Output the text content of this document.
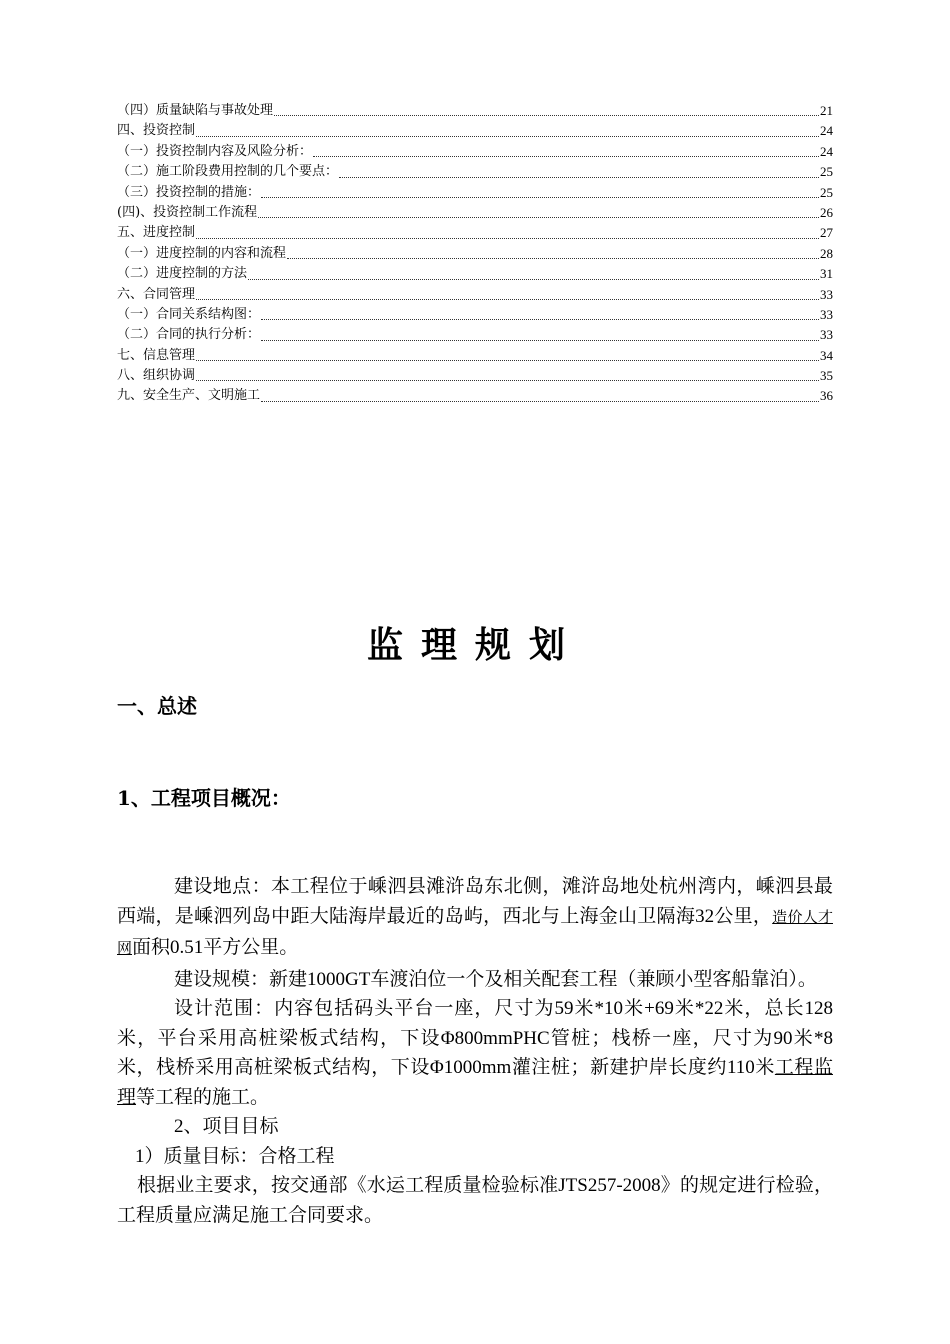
（四）质量缺陷与事故处理	21
四、投资控制	24
（一）投资控制内容及风险分析：	24
（二）施工阶段费用控制的几个要点：	25
（三）投资控制的措施：	25
(四)、投资控制工作流程	26
五、进度控制	27
（一）进度控制的内容和流程	28
（二）进度控制的方法	31
六、合同管理	33
（一）合同关系结构图：	33
（二）合同的执行分析：	33
七、信息管理	34
八、组织协调	35
九、安全生产、文明施工	36
监理规划
一、总述
1、工程项目概况：

建设地点：本工程位于嵊泗县滩浒岛东北侧，滩浒岛地处杭州湾内，嵊泗县最西端，是嵊泗列岛中距大陆海岸最近的岛屿，西北与上海金山卫隔海32公里，造价人才网面积0.51平方公里。

建设规模：新建1000GT车渡泊位一个及相关配套工程（兼顾小型客船靠泊）。

设计范围：内容包括码头平台一座，尺寸为59米*10米+69米*22米，总长128米，平台采用高桩梁板式结构，下设Φ800mmPHC管桩；栈桥一座，尺寸为90米*8米，栈桥采用高桩梁板式结构，下设Φ1000mm灌注桩；新建护岸长度约110米工程监理等工程的施工。

2、项目目标

1）质量目标：合格工程

根据业主要求，按交通部《水运工程质量检验标准JTS257-2008》的规定进行检验，工程质量应满足施工合同要求。
